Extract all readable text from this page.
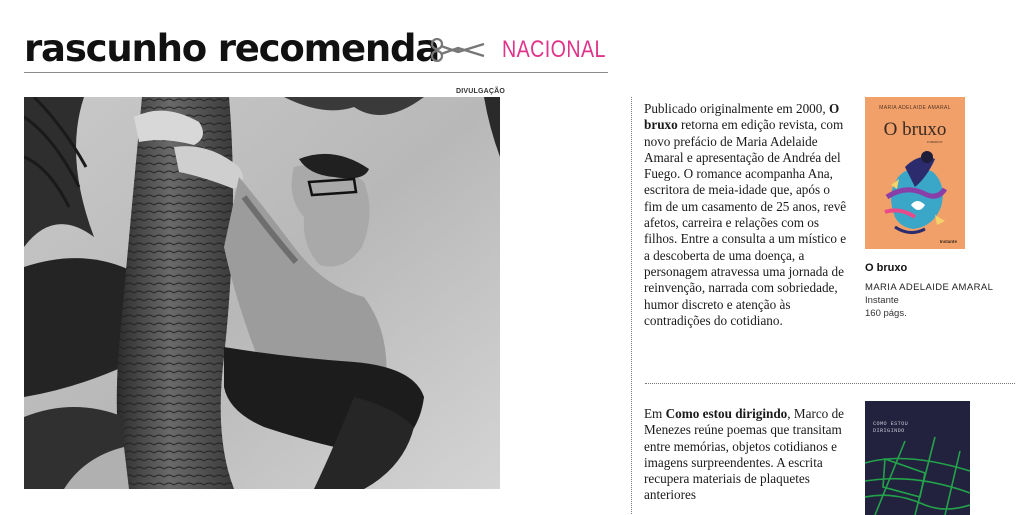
rascunho recomenda	NACIONAL
DIVULGAÇÃO

Publicado originalmente em 2000, O bruxo retorna em edição revista, com novo prefácio de Maria Adelaide Amaral e apresentação de Andréa del Fuego. O romance acompanha Ana, escritora de meia-idade que, após o fim de um casamento de 25 anos, revê afetos, carreira e relações com os filhos. Entre a consulta a um místico e a descoberta de uma doença, a personagem atravessa uma jornada de reinvenção, narrada com sobriedade, humor discreto e atenção às contradições do cotidiano.

MARIA ADELAIDE AMARAL
O bruxo
romance
Instante
O bruxo
MARIA ADELAIDE AMARAL
Instante
160 págs.

Em Como estou dirigindo, Marco de Menezes reúne poemas que transitam entre memórias, objetos cotidianos e imagens surpreendentes. A escrita recupera materiais de plaquetes anteriores

COMO ESTOU
DIRIGINDO
